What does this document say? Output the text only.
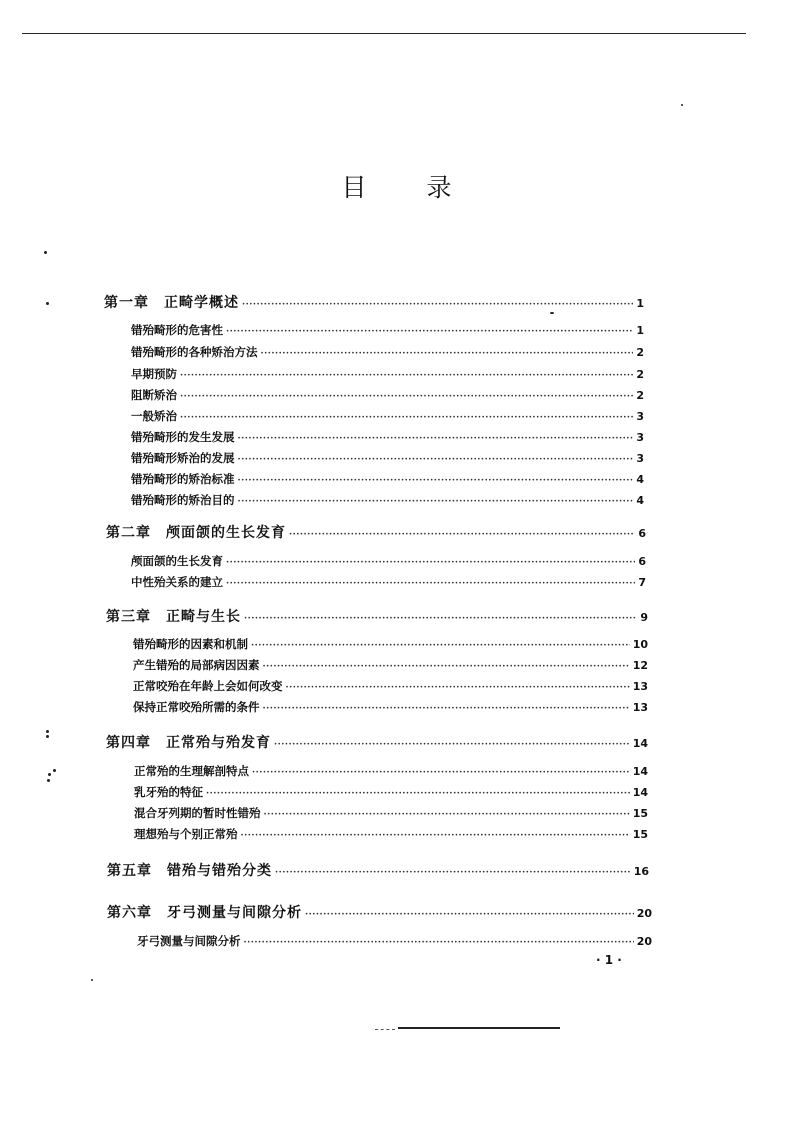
目 录
第一章　正畸学概述 ·····	1
错殆畸形的危害性 ·····	1
错殆畸形的各种矫治方法 ·····	2
早期预防 ·····	2
阻断矫治 ·····	2
一般矫治 ·····	3
错殆畸形的发生发展 ·····	3
错殆畸形矫治的发展 ·····	3
错殆畸形的矫治标准 ·····	4
错殆畸形的矫治目的 ·····	4
第二章　颅面颌的生长发育 ·····	6
颅面颌的生长发育 ·····	6
中性殆关系的建立 ·····	7
第三章　正畸与生长 ·····	9
错殆畸形的因素和机制 ·····	10
产生错殆的局部病因因素 ·····	12
正常咬殆在年龄上会如何改变 ·····	13
保持正常咬殆所需的条件 ·····	13
第四章　正常殆与殆发育 ·····	14
正常殆的生理解剖特点 ·····	14
乳牙殆的特征 ·····	14
混合牙列期的暂时性错殆 ·····	15
理想殆与个别正常殆 ·····	15
第五章　错殆与错殆分类 ·····	16
第六章　牙弓测量与间隙分析 ·····	20
牙弓测量与间隙分析 ·····	20
· 1 ·
